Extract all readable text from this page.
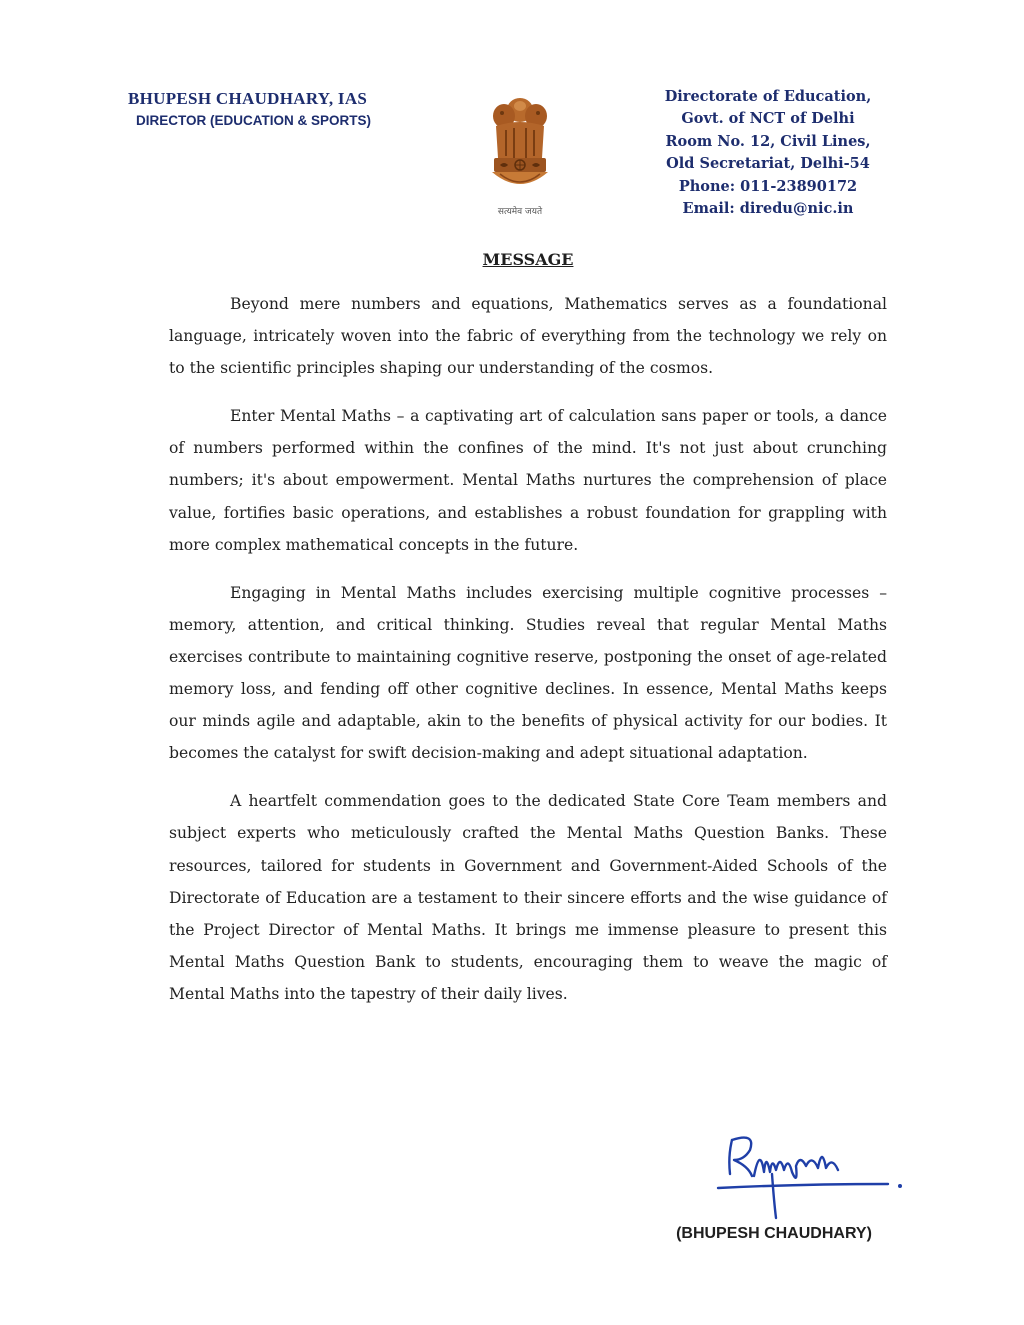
BHUPESH CHAUDHARY, IAS
DIRECTOR (EDUCATION & SPORTS)
सत्यमेव जयते
Directorate of Education,
Govt. of NCT of Delhi
Room No. 12, Civil Lines,
Old Secretariat, Delhi-54
Phone: 011-23890172
Email: diredu@nic.in
MESSAGE

Beyond mere numbers and equations, Mathematics serves as a foundational language, intricately woven into the fabric of everything from the technology we rely on to the scientific principles shaping our understanding of the cosmos.

Enter Mental Maths – a captivating art of calculation sans paper or tools, a dance of numbers performed within the confines of the mind. It's not just about crunching numbers; it's about empowerment. Mental Maths nurtures the comprehension of place value, fortifies basic operations, and establishes a robust foundation for grappling with more complex mathematical concepts in the future.

Engaging in Mental Maths includes exercising multiple cognitive processes – memory, attention, and critical thinking. Studies reveal that regular Mental Maths exercises contribute to maintaining cognitive reserve, postponing the onset of age-related memory loss, and fending off other cognitive declines. In essence, Mental Maths keeps our minds agile and adaptable, akin to the benefits of physical activity for our bodies. It becomes the catalyst for swift decision-making and adept situational adaptation.

A heartfelt commendation goes to the dedicated State Core Team members and subject experts who meticulously crafted the Mental Maths Question Banks. These resources, tailored for students in Government and Government-Aided Schools of the Directorate of Education are a testament to their sincere efforts and the wise guidance of the Project Director of Mental Maths. It brings me immense pleasure to present this Mental Maths Question Bank to students, encouraging them to weave the magic of Mental Maths into the tapestry of their daily lives.

(BHUPESH CHAUDHARY)
